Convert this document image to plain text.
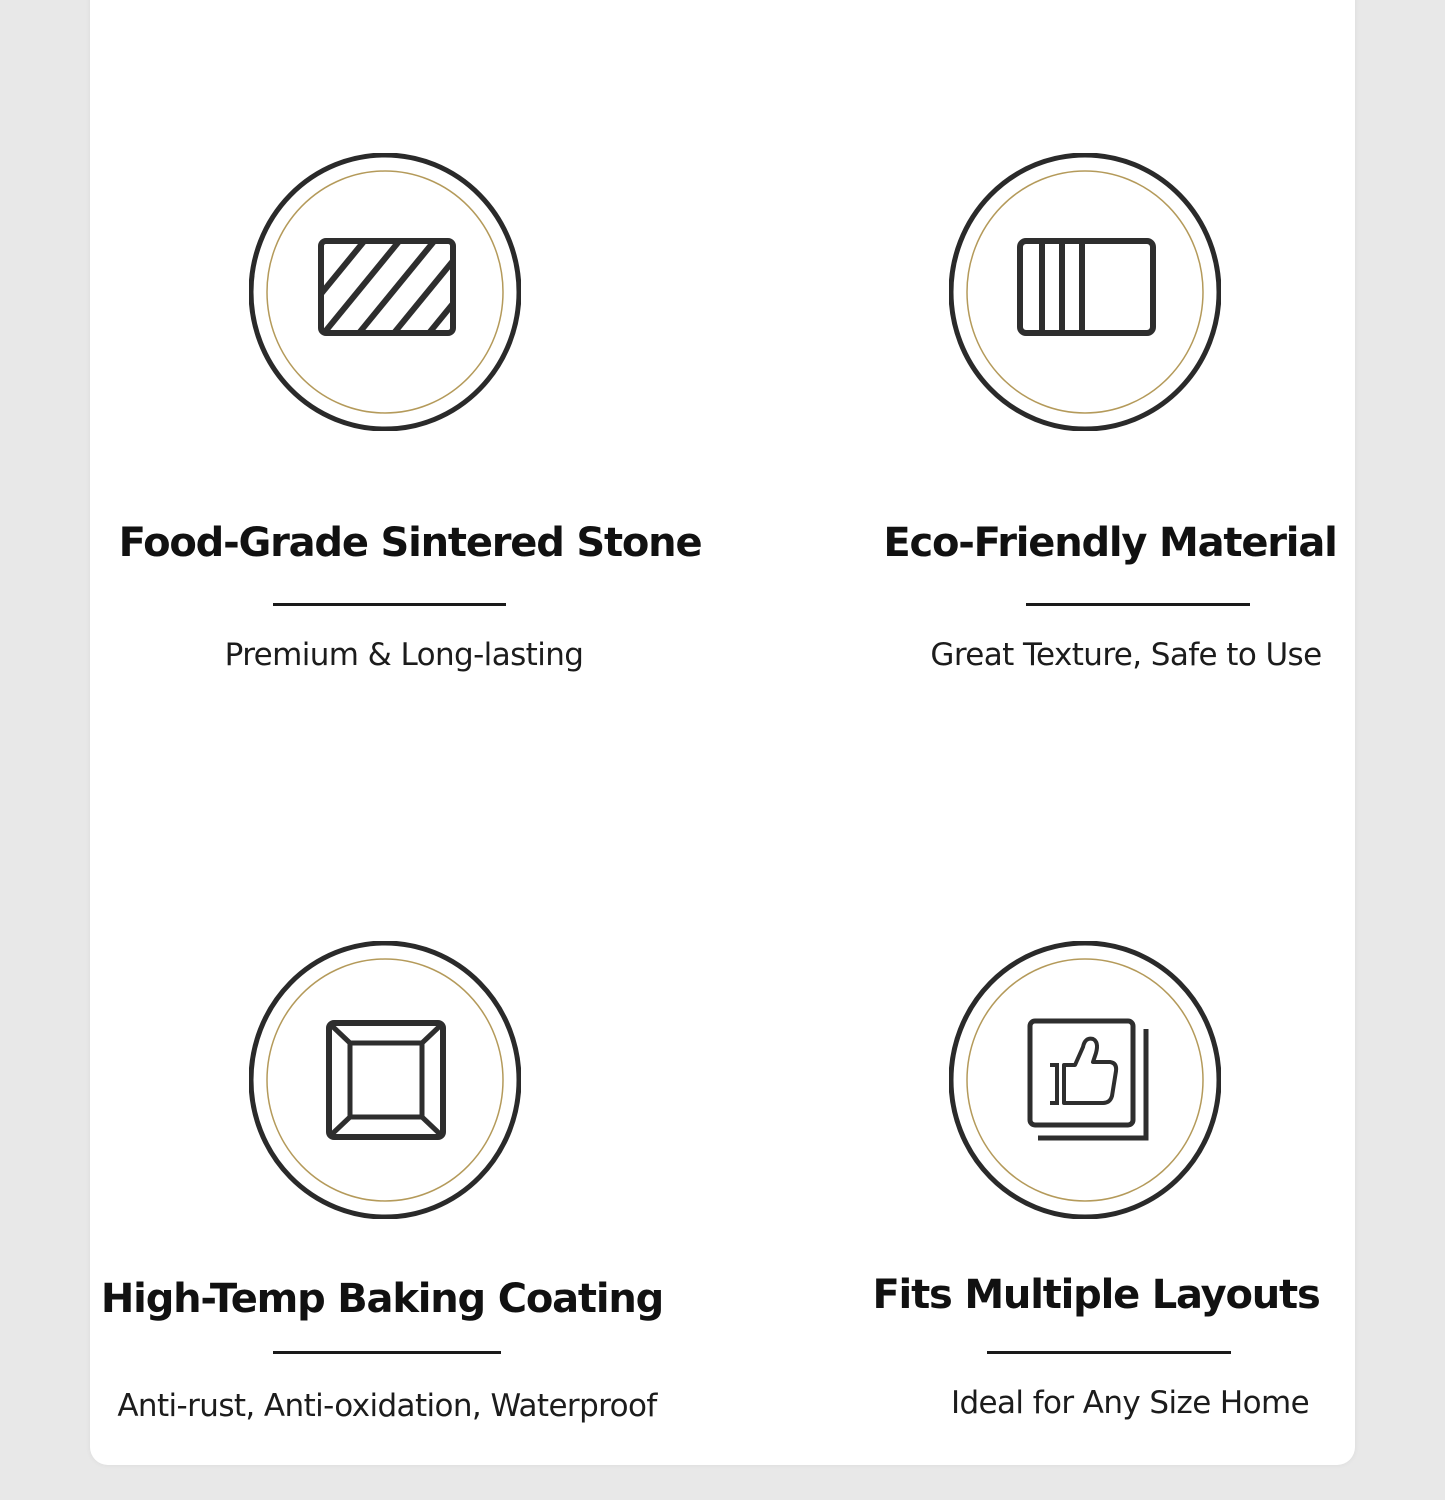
Food-Grade Sintered Stone
Premium & Long-lasting
Eco-Friendly Material
Great Texture, Safe to Use
High-Temp Baking Coating
Anti-rust, Anti-oxidation, Waterproof
Fits Multiple Layouts
Ideal for Any Size Home
